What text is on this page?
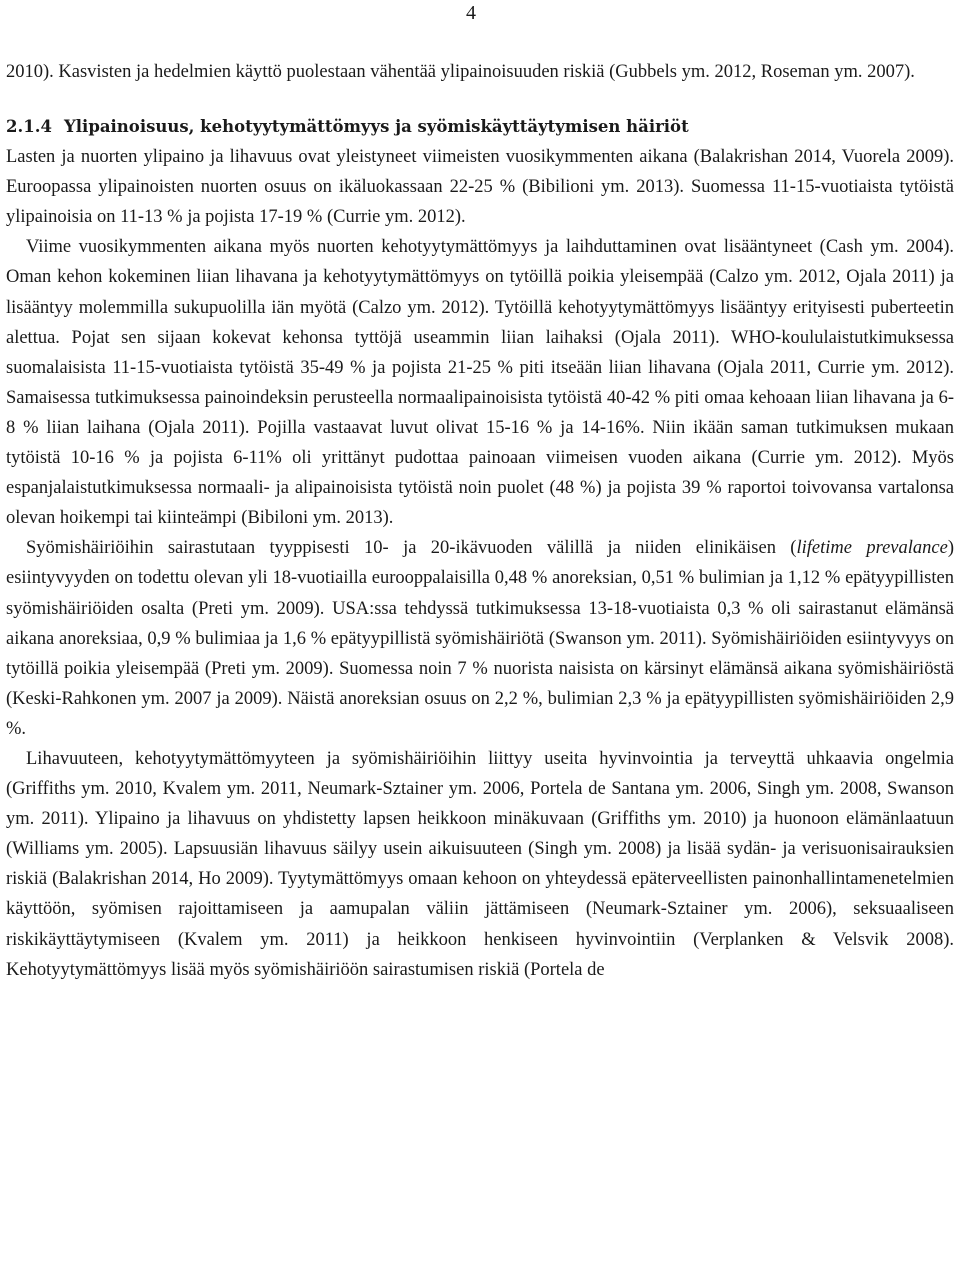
4

2010). Kasvisten ja hedelmien käyttö puolestaan vähentää ylipainoisuuden riskiä (Gubbels ym. 2012, Roseman ym. 2007).

2.1.4 Ylipainoisuus, kehotyytymättömyys ja syömiskäyttäytymisen häiriöt

Lasten ja nuorten ylipaino ja lihavuus ovat yleistyneet viimeisten vuosikymmenten aikana (Balakrishan 2014, Vuorela 2009). Euroopassa ylipainoisten nuorten osuus on ikäluokassaan 22-25 % (Bibilioni ym. 2013). Suomessa 11-15-vuotiaista tytöistä ylipainoisia on 11-13 % ja pojista 17-19 % (Currie ym. 2012).

Viime vuosikymmenten aikana myös nuorten kehotyytymättömyys ja laihduttaminen ovat lisääntyneet (Cash ym. 2004). Oman kehon kokeminen liian lihavana ja kehotyytymättömyys on tytöillä poikia yleisempää (Calzo ym. 2012, Ojala 2011) ja lisääntyy molemmilla sukupuolilla iän myötä (Calzo ym. 2012). Tytöillä kehotyytymättömyys lisääntyy erityisesti puberteetin alettua. Pojat sen sijaan kokevat kehonsa tyttöjä useammin liian laihaksi (Ojala 2011). WHO-koululaistutkimuksessa suomalaisista 11-15-vuotiaista tytöistä 35-49 % ja pojista 21-25 % piti itseään liian lihavana (Ojala 2011, Currie ym. 2012). Samaisessa tutkimuksessa painoindeksin perusteella normaalipainoisista tytöistä 40-42 % piti omaa kehoaan liian lihavana ja 6-8 % liian laihana (Ojala 2011). Pojilla vastaavat luvut olivat 15-16 % ja 14-16%. Niin ikään saman tutkimuksen mukaan tytöistä 10-16 % ja pojista 6-11% oli yrittänyt pudottaa painoaan viimeisen vuoden aikana (Currie ym. 2012). Myös espanjalaistutkimuksessa normaali- ja alipainoisista tytöistä noin puolet (48 %) ja pojista 39 % raportoi toivovansa vartalonsa olevan hoikempi tai kiinteämpi (Bibiloni ym. 2013).

Syömishäiriöihin sairastutaan tyyppisesti 10- ja 20-ikävuoden välillä ja niiden elinikäisen (lifetime prevalance) esiintyvyyden on todettu olevan yli 18-vuotiailla eurooppalaisilla 0,48 % anoreksian, 0,51 % bulimian ja 1,12 % epätyypillisten syömishäiriöiden osalta (Preti ym. 2009). USA:ssa tehdyssä tutkimuksessa 13-18-vuotiaista 0,3 % oli sairastanut elämänsä aikana anoreksiaa, 0,9 % bulimiaa ja 1,6 % epätyypillistä syömishäiriötä (Swanson ym. 2011). Syömishäiriöiden esiintyvyys on tytöillä poikia yleisempää (Preti ym. 2009). Suomessa noin 7 % nuorista naisista on kärsinyt elämänsä aikana syömishäiriöstä (Keski-Rahkonen ym. 2007 ja 2009). Näistä anoreksian osuus on 2,2 %, bulimian 2,3 % ja epätyypillisten syömishäiriöiden 2,9 %.

Lihavuuteen, kehotyytymättömyyteen ja syömishäiriöihin liittyy useita hyvinvointia ja terveyttä uhkaavia ongelmia (Griffiths ym. 2010, Kvalem ym. 2011, Neumark-Sztainer ym. 2006, Portela de Santana ym. 2006, Singh ym. 2008, Swanson ym. 2011). Ylipaino ja lihavuus on yhdistetty lapsen heikkoon minäkuvaan (Griffiths ym. 2010) ja huonoon elämänlaatuun (Williams ym. 2005). Lapsuusiän lihavuus säilyy usein aikuisuuteen (Singh ym. 2008) ja lisää sydän- ja verisuonisairauksien riskiä (Balakrishan 2014, Ho 2009). Tyytymättömyys omaan kehoon on yhteydessä epäterveellisten painonhallintamenetelmien käyttöön, syömisen rajoittamiseen ja aamupalan väliin jättämiseen (Neumark-Sztainer ym. 2006), seksuaaliseen riskikäyttäytymiseen (Kvalem ym. 2011) ja heikkoon henkiseen hyvinvointiin (Verplanken & Velsvik 2008). Kehotyytymättömyys lisää myös syömishäiriöön sairastumisen riskiä (Portela de
